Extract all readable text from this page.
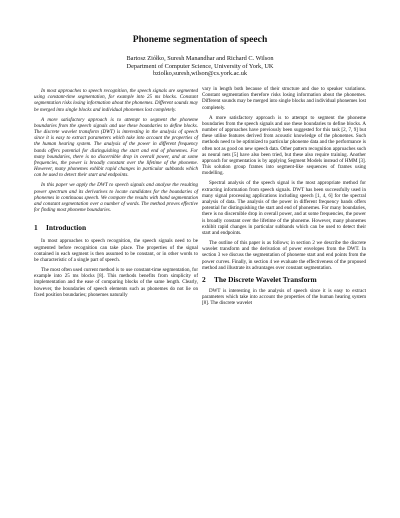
Phoneme segmentation of speech
Bartosz Ziółko, Suresh Manandhar and Richard C. Wilson
Department of Computer Science, University of York, UK
bziolko,suresh,wilson@cs.york.ac.uk

In most approaches to speech recognition, the speech signals are segmented using constant-time segmentation, for example into 25 ms blocks. Constant segmentation risks losing information about the phonemes. Different sounds may be merged into single blocks and individual phonemes lost completely.

A more satisfactory approach is to attempt to segment the phoneme boundaries from the speech signals and use these boundaries to define blocks. The discrete wavelet transform (DWT) is interesting in the analysis of speech since it is easy to extract parameters which take into account the properties of the human hearing system. The analysis of the power in different frequency bands offers potential for distinguishing the start and end of phonemes. For many boundaries, there is no discernible drop in overall power, and at some frequencies, the power is broadly constant over the lifetime of the phoneme. However, many phonemes exhibit rapid changes in particular subbands which can be used to detect their start and endpoints.

In this paper we apply the DWT to speech signals and analyse the resulting power spectrum and its derivatives to locate candidates for the boundaries of phonemes in continuous speech. We compare the results with hand segmentation and constant segmentation over a number of words. The method proves effective for finding most phoneme boundaries.

1 Introduction

In most approaches to speech recognition, the speech signals need to be segmented before recognition can take place. The properties of the signal contained in each segment is then assumed to be constant, or in other words to be characteristic of a single part of speech.

The most often used current method is to use constant-time segmentation, for example into 25 ms blocks [8]. This methods benefits from simplicity of implementation and the ease of comparing blocks of the same length. Clearly, however, the boundaries of speech elements such as phonemes do not lie on fixed position boundaries; phonemes naturally

vary in length both because of their structure and due to speaker variations. Constant segmentation therefore risks losing information about the phonemes. Different sounds may be merged into single blocks and individual phonemes lost completely.

A more satisfactory approach is to attempt to segment the phoneme boundaries from the speech signals and use these boundaries to define blocks. A number of approaches have previously been suggested for this task [2, 7, 9] but these utilise features derived from acoustic knowledge of the phonemes. Such methods need to be optimized to particular phoneme data and the performance is often not as good on new speech data. Other pattern recognition approaches such as neural nets [5] have also been tried, but these also require training. Another approach for segmentation is by applying Segment Models instead of HMM [3]. This solution group frames into segment-like sequences of frames using modelling.

Spectral analysis of the speech signal is the most appropriate method for extracting information from speech signals. DWT has been successfully used in many signal processing applications including speech [1, 4, 6] for the spectral analysis of data. The analysis of the power in different frequency bands offers potential for distinguishing the start and end of phonemes. For many boundaries, there is no discernible drop in overall power, and at some frequencies, the power is broadly constant over the lifetime of the phoneme. However, many phonemes exhibit rapid changes in particular subbands which can be used to detect their start and endpoints.

The outline of this paper is as follows; in section 2 we describe the discrete wavelet transform and the derivation of power envelopes from the DWT. In section 3 we discuss the segmentation of phoneme start and end points from the power curves. Finally, in section 4 we evaluate the effectiveness of the proposed method and illustrate its advantages over constant segmentation.

2 The Discrete Wavelet Transform

DWT is interesting in the analysis of speech since it is easy to extract parameters which take into account the properties of the human hearing system [8]. The discrete wavelet
